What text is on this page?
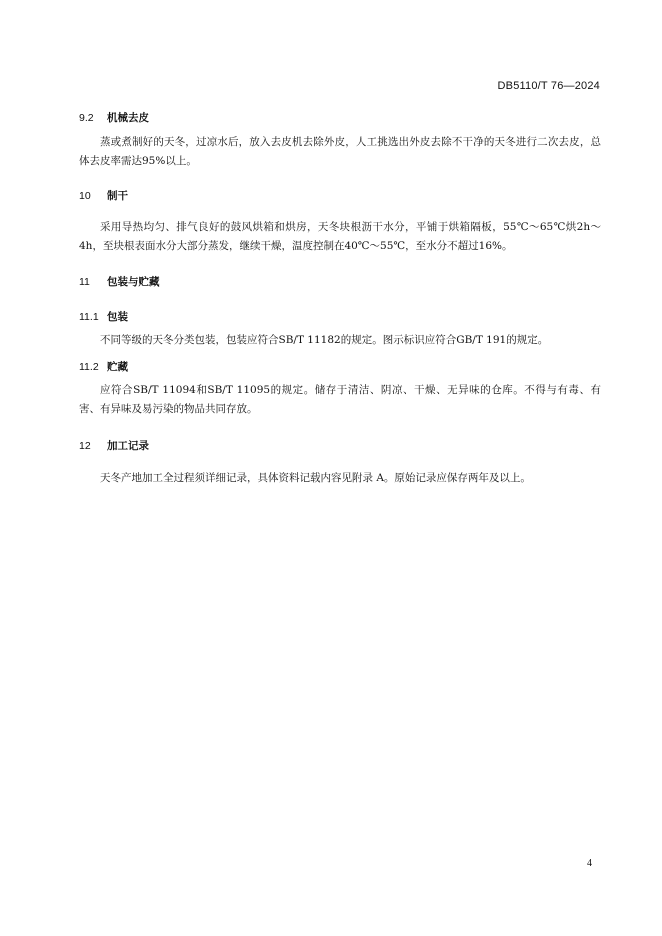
DB5110/T 76—2024
9.2 机械去皮
蒸或煮制好的天冬，过凉水后，放入去皮机去除外皮，人工挑选出外皮去除不干净的天冬进行二次去皮，总体去皮率需达95%以上。
10 制干
采用导热均匀、排气良好的鼓风烘箱和烘房，天冬块根沥干水分，平铺于烘箱隔板，55℃～65℃烘2h～4h，至块根表面水分大部分蒸发，继续干燥，温度控制在40℃～55℃，至水分不超过16%。
11 包装与贮藏
11.1 包装
不同等级的天冬分类包装，包装应符合SB/T 11182的规定。图示标识应符合GB/T 191的规定。
11.2 贮藏
应符合SB/T 11094和SB/T 11095的规定。储存于清洁、阴凉、干燥、无异味的仓库。不得与有毒、有害、有异味及易污染的物品共同存放。
12 加工记录
天冬产地加工全过程须详细记录，具体资料记载内容见附录 A。原始记录应保存两年及以上。
4
